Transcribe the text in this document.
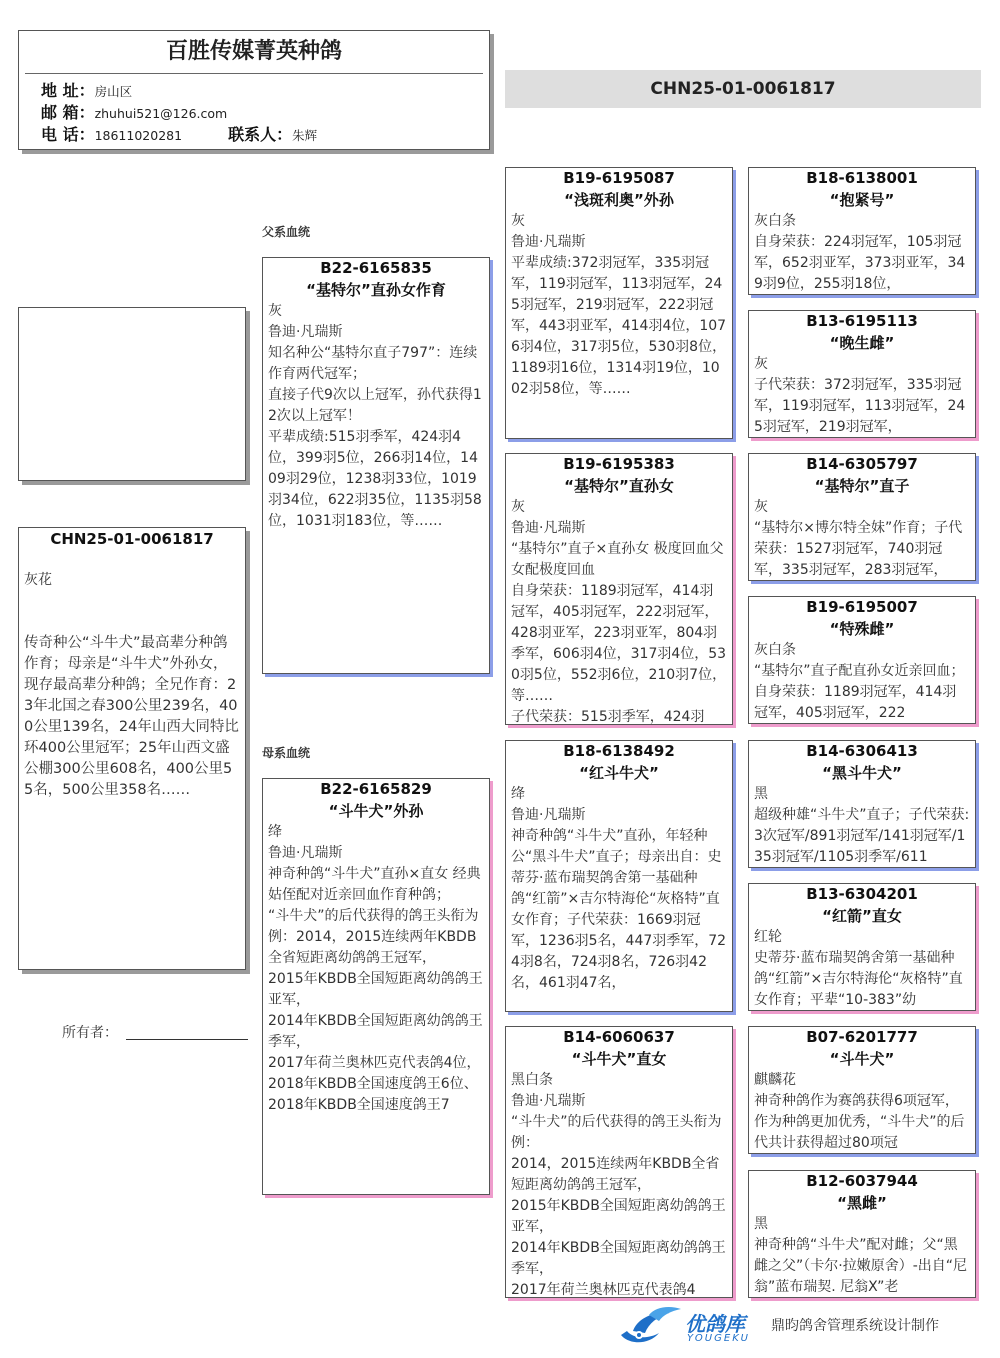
百胜传媒菁英种鸽
地 址：房山区
邮 箱：zhuhui521@126.com
电 话：18611020281	联系人：朱辉
CHN25-01-0061817
CHN25-01-0061817
灰花
传奇种公“斗牛犬”最高辈分种鸽作育；母亲是“斗牛犬”外孙女，现存最高辈分种鸽；全兄作育：23年北国之春300公里239名，400公里139名，24年山西大同特比环400公里冠军；25年山西文盛公棚300公里608名，400公里55名，500公里358名……
所有者：
父系血统
母系血统
B22-6165835
“基特尔”直孙女作育
灰
鲁迪·凡瑞斯
知名种公“基特尔直子797”：连续作育两代冠军；
直接子代9次以上冠军，孙代获得12次以上冠军！
平辈成绩:515羽季军，424羽4位，399羽5位，266羽14位，1409羽29位，1238羽33位，1019羽34位，622羽35位，1135羽58位，1031羽183位，等……
B22-6165829
“斗牛犬”外孙
绛
鲁迪·凡瑞斯
神奇种鸽“斗牛犬”直孙×直女 经典姑侄配对近亲回血作育种鸽；
“斗牛犬”的后代获得的鸽王头衔为例：2014，2015连续两年KBDB全省短距离幼鸽鸽王冠军，
2015年KBDB全国短距离幼鸽鸽王亚军，
2014年KBDB全国短距离幼鸽鸽王季军，
2017年荷兰奥林匹克代表鸽4位，
2018年KBDB全国速度鸽王6位、
2018年KBDB全国速度鸽王7
B19-6195087
“浅斑利奥”外孙
灰
鲁迪·凡瑞斯
平辈成绩:372羽冠军，335羽冠军，119羽冠军，113羽冠军，245羽冠军，219羽冠军，222羽冠军，443羽亚军，414羽4位，1076羽4位，317羽5位，530羽8位，1189羽16位，1314羽19位，1002羽58位，等……
B19-6195383
“基特尔”直孙女
灰
鲁迪·凡瑞斯
“基特尔”直子×直孙女 极度回血父女配极度回血
自身荣获：1189羽冠军，414羽冠军，405羽冠军，222羽冠军，428羽亚军，223羽亚军，804羽季军，606羽4位，317羽4位，530羽5位，552羽6位，210羽7位，等……
子代荣获：515羽季军，424羽
B18-6138492
“红斗牛犬”
绛
鲁迪·凡瑞斯
神奇种鸽“斗牛犬”直孙，年轻种公“黑斗牛犬”直子；母亲出自：史蒂芬·蓝布瑞契鸽舍第一基础种鸽“红箭”×吉尔特海伦“灰格特”直女作育；子代荣获：1669羽冠军，1236羽5名，447羽季军，724羽8名，724羽8名，726羽42名，461羽47名，
B14-6060637
“斗牛犬”直女
黑白条
鲁迪·凡瑞斯
“斗牛犬”的后代获得的鸽王头衔为例：
2014，2015连续两年KBDB全省短距离幼鸽鸽王冠军，
2015年KBDB全国短距离幼鸽鸽王亚军，
2014年KBDB全国短距离幼鸽鸽王季军，
2017年荷兰奥林匹克代表鸽4
B18-6138001
“抱紧号”
灰白条
自身荣获：224羽冠军，105羽冠军，652羽亚军，373羽亚军，349羽9位，255羽18位，
B13-6195113
“晚生雌”
灰
子代荣获：372羽冠军，335羽冠军，119羽冠军，113羽冠军，245羽冠军，219羽冠军，
B14-6305797
“基特尔”直子
灰
“基特尔×博尔特全妹”作育；子代荣获：1527羽冠军，740羽冠军，335羽冠军，283羽冠军，
B19-6195007
“特殊雌”
灰白条
“基特尔”直子配直孙女近亲回血；自身荣获：1189羽冠军，414羽冠军，405羽冠军，222
B14-6306413
“黑斗牛犬”
黑
超级种雄“斗牛犬”直子；子代荣获:3次冠军/891羽冠军/141羽冠军/135羽冠军/1105羽季军/611
B13-6304201
“红箭”直女
红轮
史蒂芬·蓝布瑞契鸽舍第一基础种鸽“红箭”×吉尔特海伦“灰格特”直女作育；平辈“10-383”幼
B07-6201777
“斗牛犬”
麒麟花
神奇种鸽作为赛鸽获得6项冠军，作为种鸽更加优秀，“斗牛犬”的后代共计获得超过80项冠
B12-6037944
“黑雌”
黑
神奇种鸽“斗牛犬”配对雌；父“黑雌之父”（卡尔·拉嫩原舍）-出自“尼翁”蓝布瑞契. 尼翁X”老
优鸽库
YOUGEKU
鼎昀鸽舍管理系统设计制作
